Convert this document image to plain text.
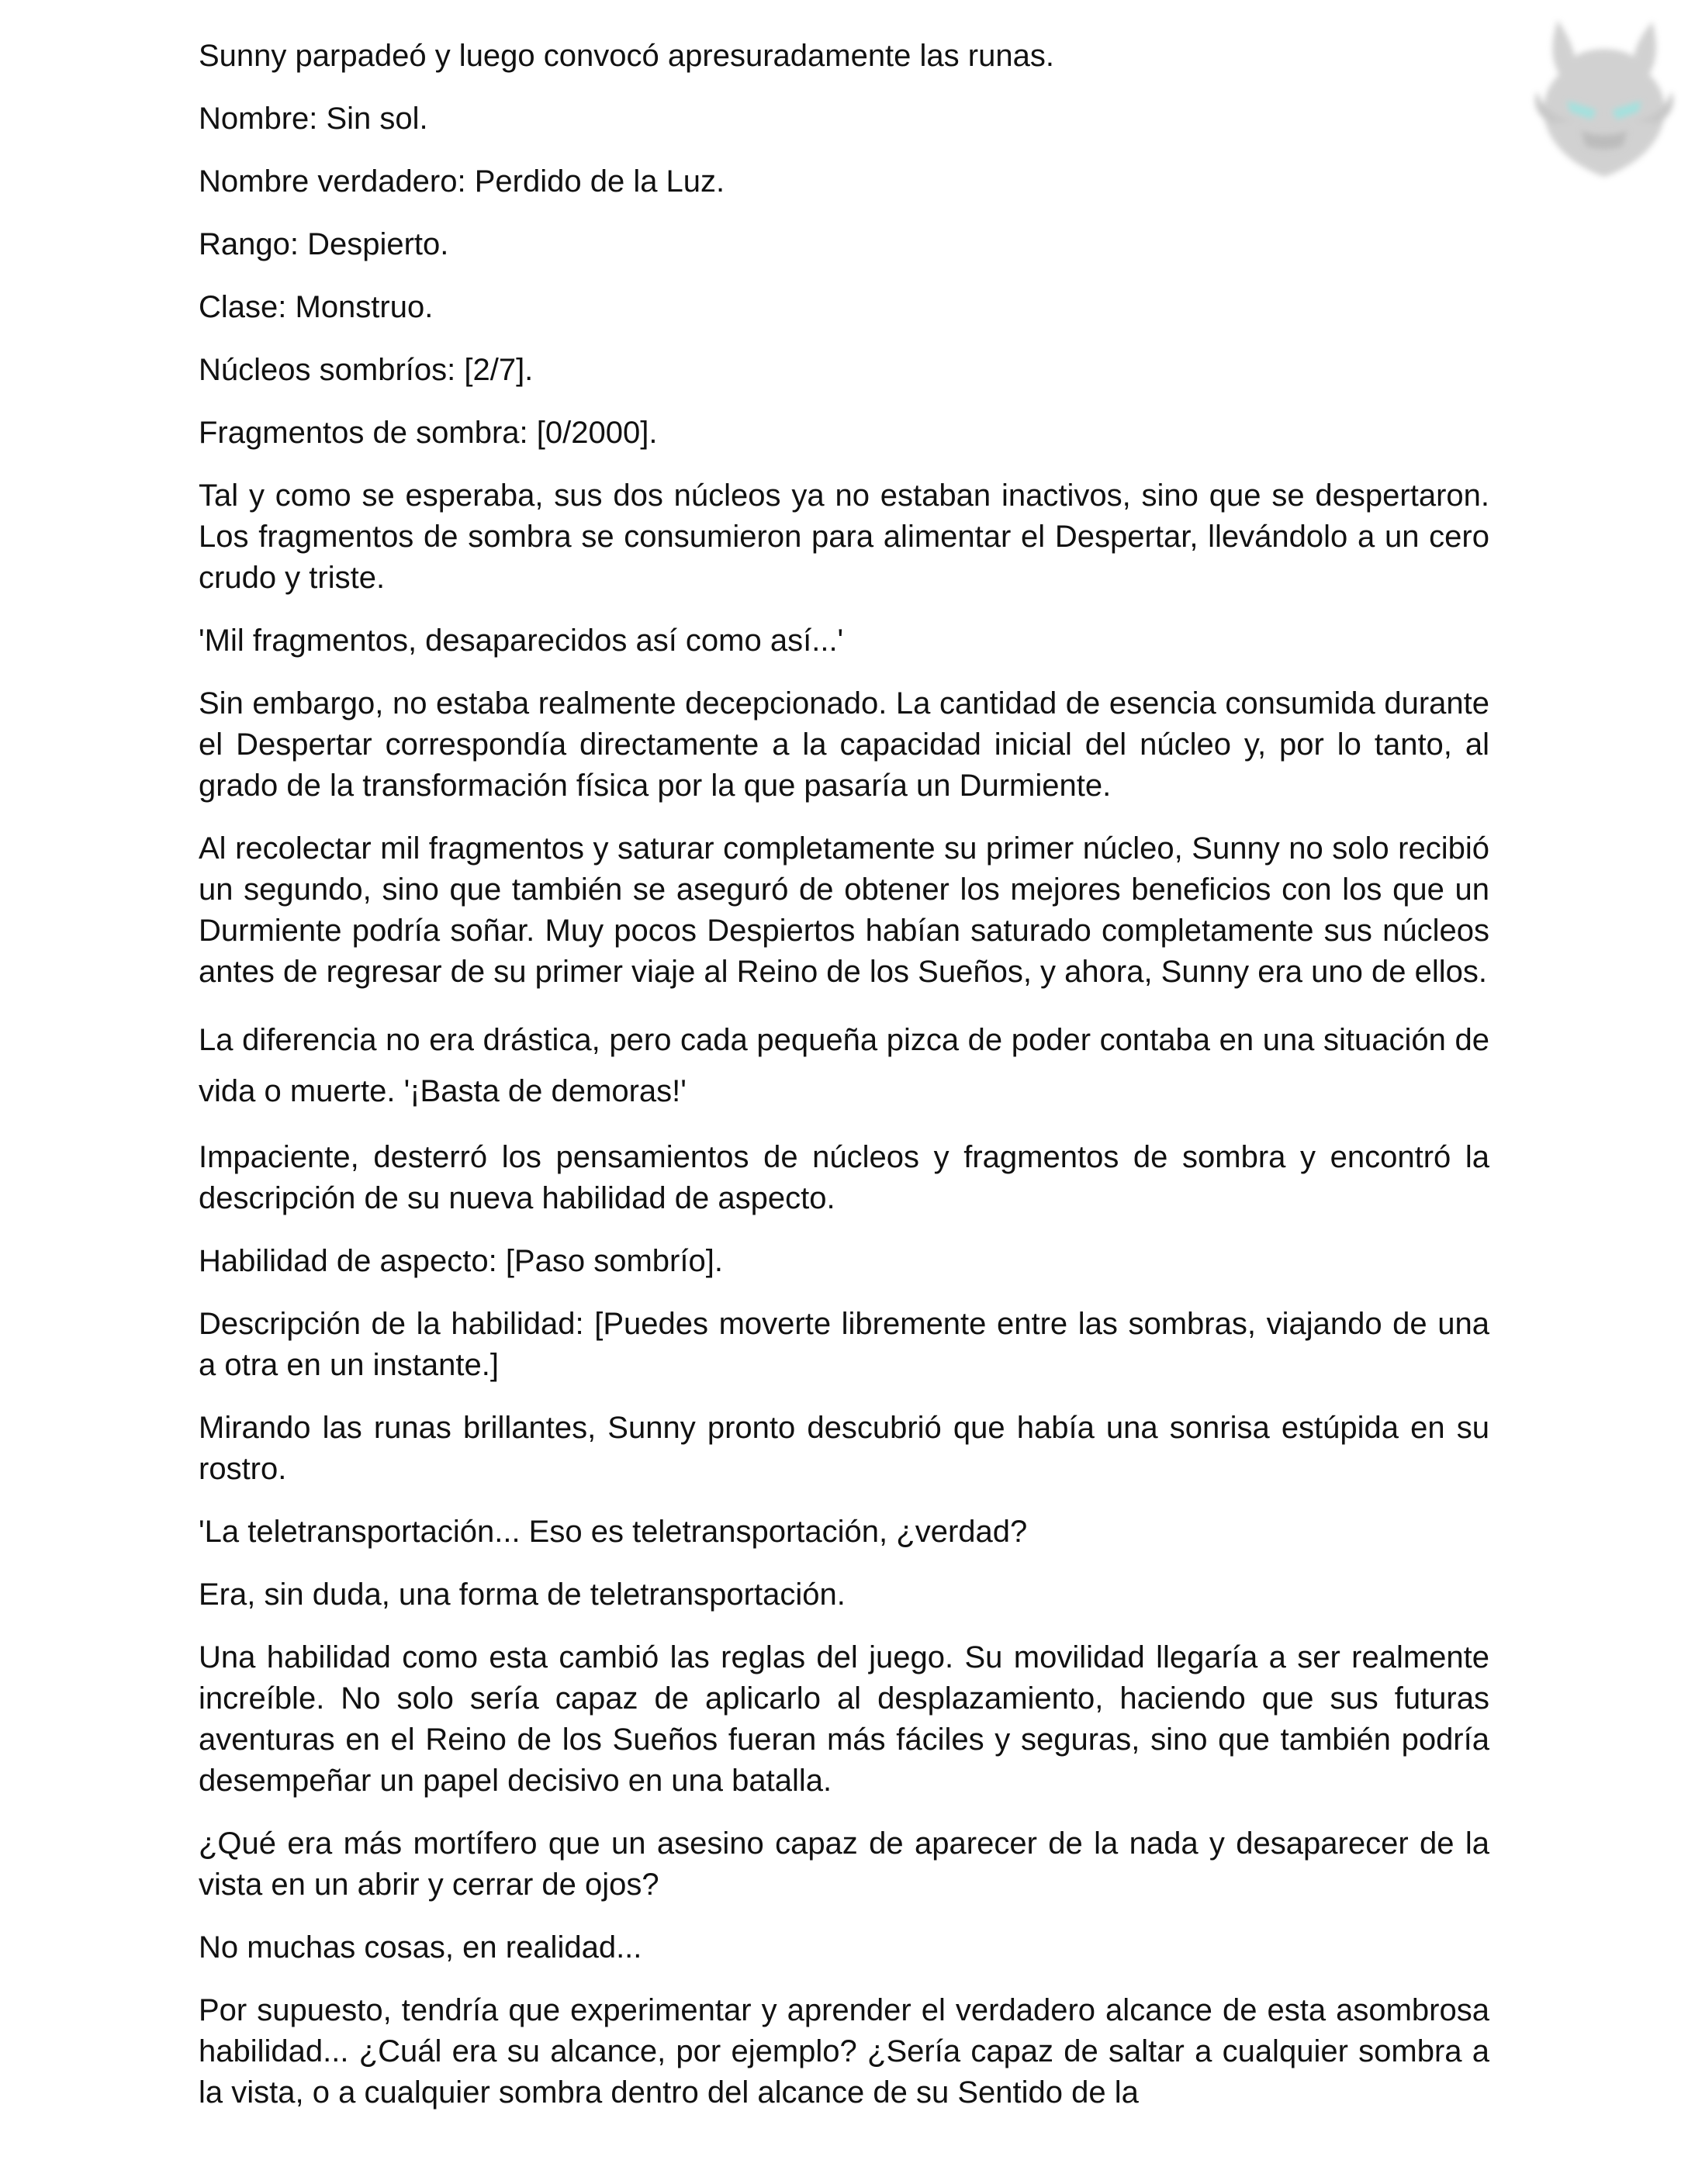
Sunny parpadeó y luego convocó apresuradamente las runas.

Nombre: Sin sol.

Nombre verdadero: Perdido de la Luz.

Rango: Despierto.

Clase: Monstruo.

Núcleos sombríos: [2/7].

Fragmentos de sombra: [0/2000].

Tal y como se esperaba, sus dos núcleos ya no estaban inactivos, sino que se despertaron. Los fragmentos de sombra se consumieron para alimentar el Despertar, llevándolo a un cero crudo y triste.

'Mil fragmentos, desaparecidos así como así...'

Sin embargo, no estaba realmente decepcionado. La cantidad de esencia consumida durante el Despertar correspondía directamente a la capacidad inicial del núcleo y, por lo tanto, al grado de la transformación física por la que pasaría un Durmiente.

Al recolectar mil fragmentos y saturar completamente su primer núcleo, Sunny no solo recibió un segundo, sino que también se aseguró de obtener los mejores beneficios con los que un Durmiente podría soñar. Muy pocos Despiertos habían saturado completamente sus núcleos antes de regresar de su primer viaje al Reino de los Sueños, y ahora, Sunny era uno de ellos.

La diferencia no era drástica, pero cada pequeña pizca de poder contaba en una situación de vida o muerte. '¡Basta de demoras!'

Impaciente, desterró los pensamientos de núcleos y fragmentos de sombra y encontró la descripción de su nueva habilidad de aspecto.

Habilidad de aspecto: [Paso sombrío].

Descripción de la habilidad: [Puedes moverte libremente entre las sombras, viajando de una a otra en un instante.]

Mirando las runas brillantes, Sunny pronto descubrió que había una sonrisa estúpida en su rostro.

'La teletransportación... Eso es teletransportación, ¿verdad?

Era, sin duda, una forma de teletransportación.

Una habilidad como esta cambió las reglas del juego. Su movilidad llegaría a ser realmente increíble. No solo sería capaz de aplicarlo al desplazamiento, haciendo que sus futuras aventuras en el Reino de los Sueños fueran más fáciles y seguras, sino que también podría desempeñar un papel decisivo en una batalla.

¿Qué era más mortífero que un asesino capaz de aparecer de la nada y desaparecer de la vista en un abrir y cerrar de ojos?

No muchas cosas, en realidad...

Por supuesto, tendría que experimentar y aprender el verdadero alcance de esta asombrosa habilidad... ¿Cuál era su alcance, por ejemplo? ¿Sería capaz de saltar a cualquier sombra a la vista, o a cualquier sombra dentro del alcance de su Sentido de la
